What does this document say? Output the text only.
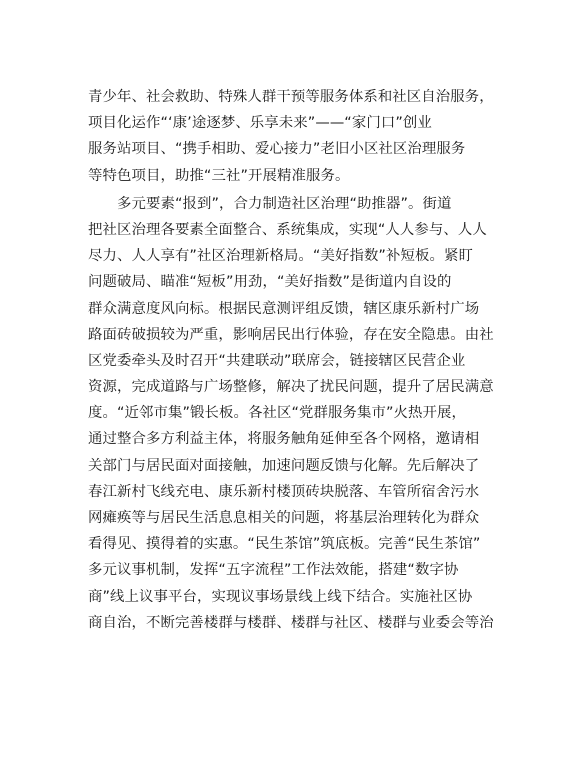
青少年、社会救助、特殊人群干预等服务体系和社区自治服务，
项目化运作“‘康’途逐梦、乐享未来”——“家门口”创业
服务站项目、“携手相助、爱心接力”老旧小区社区治理服务
等特色项目，助推“三社”开展精准服务。
多元要素“报到”，合力制造社区治理“助推器”。街道
把社区治理各要素全面整合、系统集成，实现“人人参与、人人
尽力、人人享有”社区治理新格局。“美好指数”补短板。紧盯
问题破局、瞄准“短板”用劲，“美好指数”是街道内自设的
群众满意度风向标。根据民意测评组反馈，辖区康乐新村广场
路面砖破损较为严重，影响居民出行体验，存在安全隐患。由社
区党委牵头及时召开“共建联动”联席会，链接辖区民营企业
资源，完成道路与广场整修，解决了扰民问题，提升了居民满意
度。“近邻市集”锻长板。各社区“党群服务集市”火热开展，
通过整合多方利益主体，将服务触角延伸至各个网格，邀请相
关部门与居民面对面接触，加速问题反馈与化解。先后解决了
春江新村飞线充电、康乐新村楼顶砖块脱落、车管所宿舍污水
网瘫痪等与居民生活息息相关的问题，将基层治理转化为群众
看得见、摸得着的实惠。“民生茶馆”筑底板。完善“民生茶馆”
多元议事机制，发挥“五字流程”工作法效能，搭建“数字协
商”线上议事平台，实现议事场景线上线下结合。实施社区协
商自治，不断完善楼群与楼群、楼群与社区、楼群与业委会等治
